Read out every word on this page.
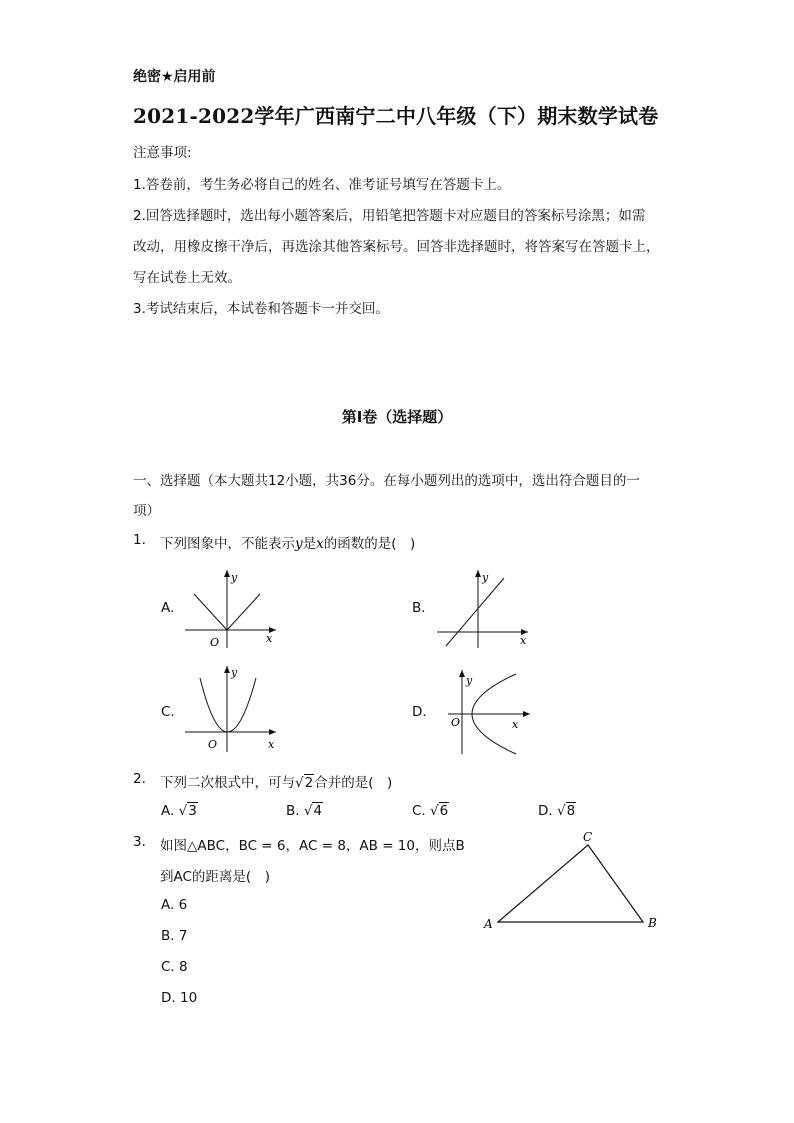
绝密★启用前
2021-2022学年广西南宁二中八年级（下）期末数学试卷
注意事项:
1.答卷前，考生务必将自己的姓名、准考证号填写在答题卡上。
2.回答选择题时，选出每小题答案后，用铅笔把答题卡对应题目的答案标号涂黑；如需
改动，用橡皮擦干净后，再选涂其他答案标号。回答非选择题时，将答案写在答题卡上，
写在试卷上无效。
3.考试结束后，本试卷和答题卡一并交回。
第I卷（选择题）
一、选择题（本大题共12小题，共36分。在每小题列出的选项中，选出符合题目的一
项）
1. 下列图象中，不能表示y是x的函数的是(　)
A.	B.
C.	D.
y
x
O
y
x
y
x
O
y
x
O
2. 下列二次根式中，可与√2合并的是(　)
A. √3	B. √4	C. √6	D. √8
3. 如图△ABC，BC = 6，AC = 8，AB = 10，则点B
到AC的距离是(　)
A. 6
B. 7
C. 8
D. 10
A	B
C
